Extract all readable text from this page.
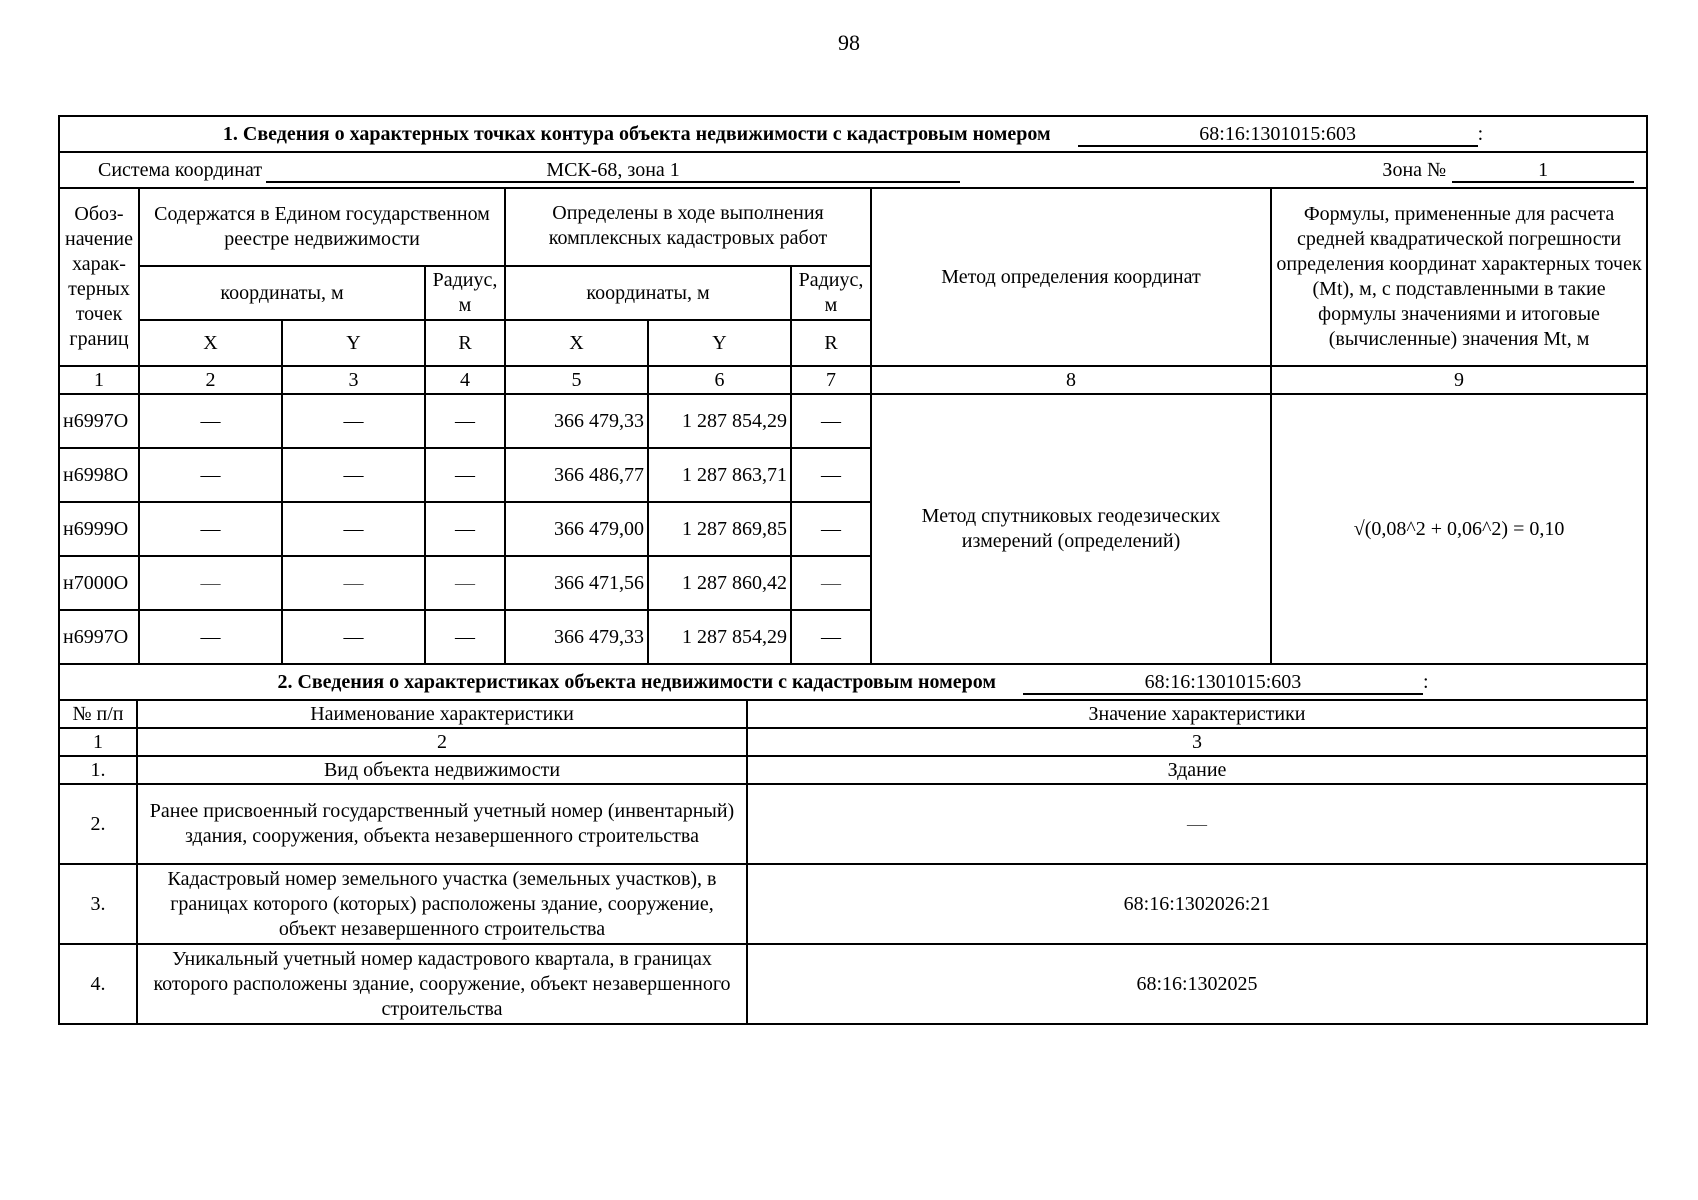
98
1. Сведения о характерных точках контура объекта недвижимости с кадастровым номером 68:16:1301015:603 :								

Система координат МСК-68, зона 1 Зона № 1								

Обоз-начение харак-терных точек границ	Содержатся в Едином государственном реестре недвижимости			Определены в ходе выполнения комплексных кадастровых работ			Метод определения координат	Формулы, примененные для расчета средней квадратической погрешности определения координат характерных точек (Mt), м, с подставленными в такие формулы значениями и итоговые (вычисленные) значения Mt, м
	координаты, м		Радиус, м	координаты, м		Радиус, м		
	X	Y	R	X	Y	R		
1	2	3	4	5	6	7	8	9
н6997О	—	—	—	366 479,33	1 287 854,29	—	Метод спутниковых геодезических измерений (определений)	√(0,08^2 + 0,06^2) = 0,10
н6998О	—	—	—	366 486,77	1 287 863,71	—		
н6999О	—	—	—	366 479,00	1 287 869,85	—		
н7000О	—	—	—	366 471,56	1 287 860,42	—		
н6997О	—	—	—	366 479,33	1 287 854,29	—		
2. Сведения о характеристиках объекта недвижимости с кадастровым номером 68:16:1301015:603 :		
№ п/п	Наименование характеристики	Значение характеристики
1	2	3
1.	Вид объекта недвижимости	Здание
2.	Ранее присвоенный государственный учетный номер (инвентарный) здания, сооружения, объекта незавершенного строительства	—
3.	Кадастровый номер земельного участка (земельных участков), в границах которого (которых) расположены здание, сооружение, объект незавершенного строительства	68:16:1302026:21
4.	Уникальный учетный номер кадастрового квартала, в границах которого расположены здание, сооружение, объект незавершенного строительства	68:16:1302025
